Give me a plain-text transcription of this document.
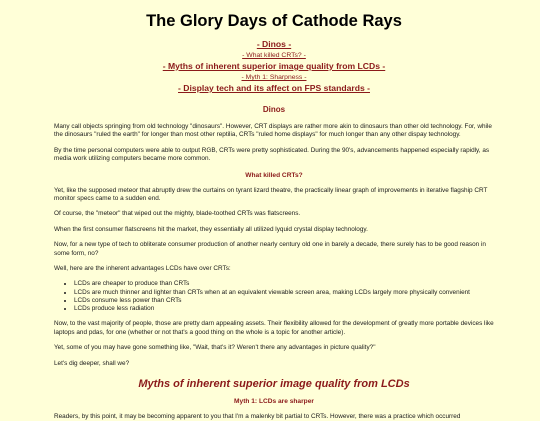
The Glory Days of Cathode Rays
- Dinos -
- What killed CRTs? -
- Myths of inherent superior image quality from LCDs -
- Myth 1: Sharpness -
- Display tech and its affect on FPS standards -
Dinos

Many call objects springing from old technology "dinosaurs". However, CRT displays are rather more akin to dinosaurs than other old technology. For, while the dinosaurs "ruled the earth" for longer than most other reptilia, CRTs "ruled home displays" for much longer than any other dispay technology.

By the time personal computers were able to output RGB, CRTs were pretty sophisticated. During the 90's, advancements happened especially rapidly, as media work utilizing computers became more common.

What killed CRTs?

Yet, like the supposed meteor that abruptly drew the curtains on tyrant lizard theatre, the practically linear graph of improvements in iterative flagship CRT monitor specs came to a sudden end.

Of course, the "meteor" that wiped out the mighty, blade-toothed CRTs was flatscreens.

When the first consumer flatscreens hit the market, they essentially all utilized lyquid crystal display technology.

Now, for a new type of tech to obliterate consumer production of another nearly century old one in barely a decade, there surely has to be good reason in some form, no?

Well, here are the inherent advantages LCDs have over CRTs:

• LCDs are cheaper to produce than CRTs
• LCDs are much thinner and lighter than CRTs when at an equivalent viewable screen area, making LCDs largely more physically convenient
• LCDs consume less power than CRTs
• LCDs produce less radiation

Now, to the vast majority of people, those are pretty darn appealing assets. Their flexibility allowed for the development of greatly more portable devices like laptops and pdas, for one (whether or not that's a good thing on the whole is a topic for another article).

Yet, some of you may have gone something like, "Wait, that's it? Weren't there any advantages in picture quality?"

Let's dig deeper, shall we?

Myths of inherent superior image quality from LCDs
Myth 1: LCDs are sharper

Readers, by this point, it may be becoming apparent to you that I'm a malenky bit partial to CRTs. However, there was a practice which occurred
